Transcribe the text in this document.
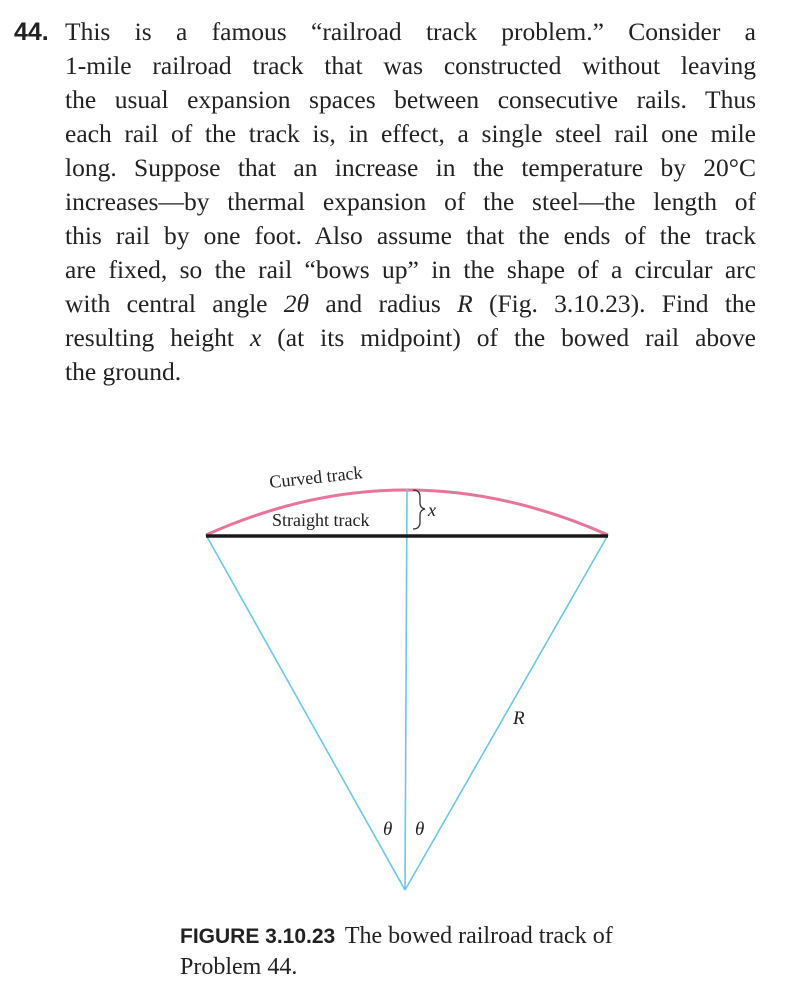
44. This is a famous “railroad track problem.” Consider a
1-mile railroad track that was constructed without leaving
the usual expansion spaces between consecutive rails. Thus
each rail of the track is, in effect, a single steel rail one mile
long. Suppose that an increase in the temperature by 20°C
increases—by thermal expansion of the steel—the length of
this rail by one foot. Also assume that the ends of the track
are fixed, so the rail “bows up” in the shape of a circular arc
with central angle 2θ and radius R (Fig. 3.10.23). Find the
resulting height x (at its midpoint) of the bowed rail above
the ground.
Curved track
Straight track	x
R
θ θ
FIGURE 3.10.23 The bowed railroad track of Problem 44.
